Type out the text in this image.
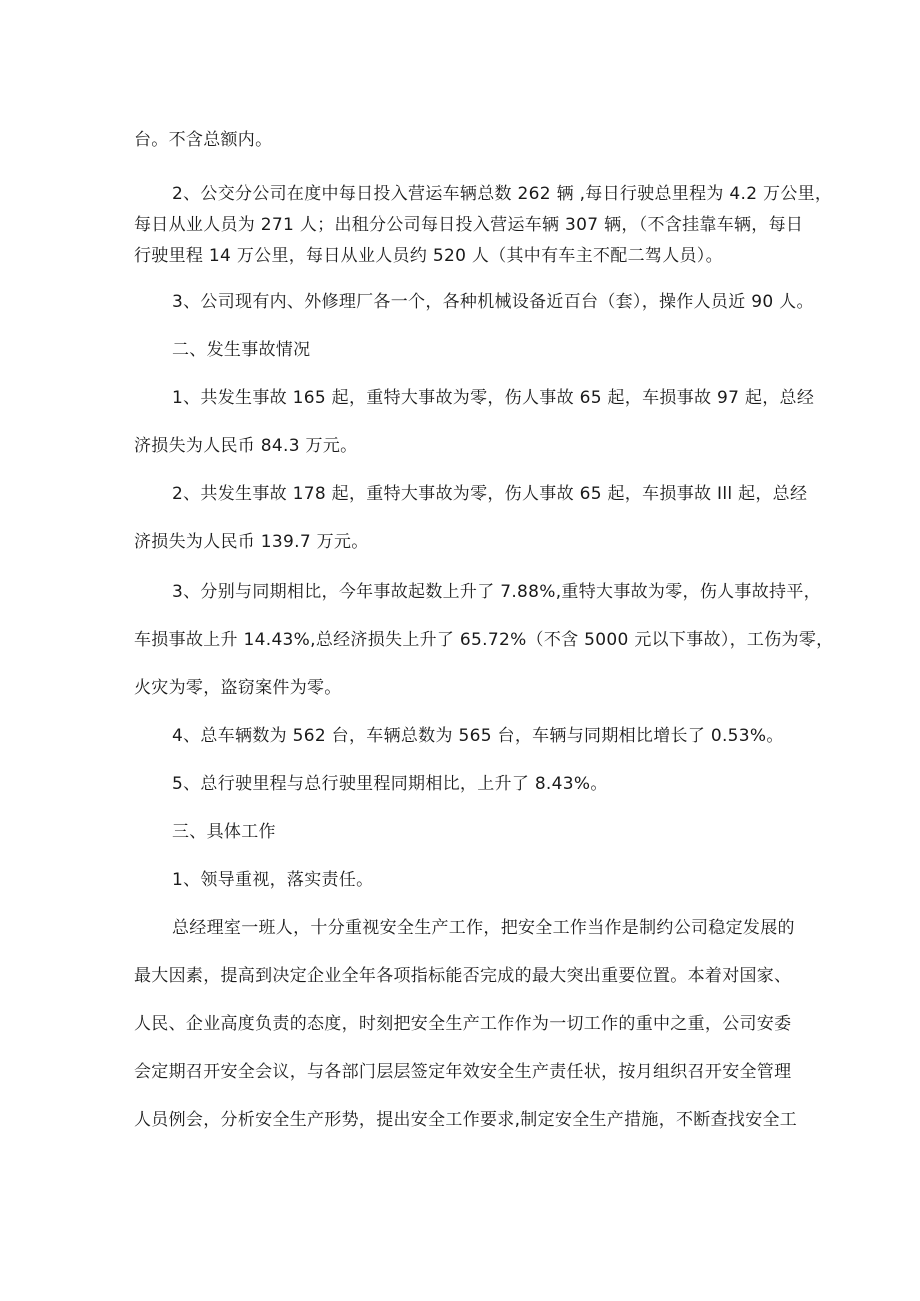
台。不含总额内。
2、公交分公司在度中每日投入营运车辆总数 262 辆 ,每日行驶总里程为 4.2 万公里，
每日从业人员为 271 人；出租分公司每日投入营运车辆 307 辆，（不含挂靠车辆，每日
行驶里程 14 万公里，每日从业人员约 520 人（其中有车主不配二驾人员）。
3、公司现有内、外修理厂各一个，各种机械设备近百台（套），操作人员近 90 人。
二、发生事故情况
1、共发生事故 165 起，重特大事故为零，伤人事故 65 起，车损事故 97 起，总经
济损失为人民币 84.3 万元。
2、共发生事故 178 起，重特大事故为零，伤人事故 65 起，车损事故 Ill 起，总经
济损失为人民币 139.7 万元。
3、分别与同期相比，今年事故起数上升了 7.88%,重特大事故为零，伤人事故持平，
车损事故上升 14.43%,总经济损失上升了 65.72%（不含 5000 元以下事故），工伤为零，
火灾为零，盗窃案件为零。
4、总车辆数为 562 台，车辆总数为 565 台，车辆与同期相比增长了 0.53%。
5、总行驶里程与总行驶里程同期相比，上升了 8.43%。
三、具体工作
1、领导重视，落实责任。
总经理室一班人，十分重视安全生产工作，把安全工作当作是制约公司稳定发展的
最大因素，提高到决定企业全年各项指标能否完成的最大突出重要位置。本着对国家、
人民、企业高度负责的态度，时刻把安全生产工作作为一切工作的重中之重，公司安委
会定期召开安全会议，与各部门层层签定年效安全生产责任状，按月组织召开安全管理
人员例会，分析安全生产形势，提出安全工作要求,制定安全生产措施，不断查找安全工
